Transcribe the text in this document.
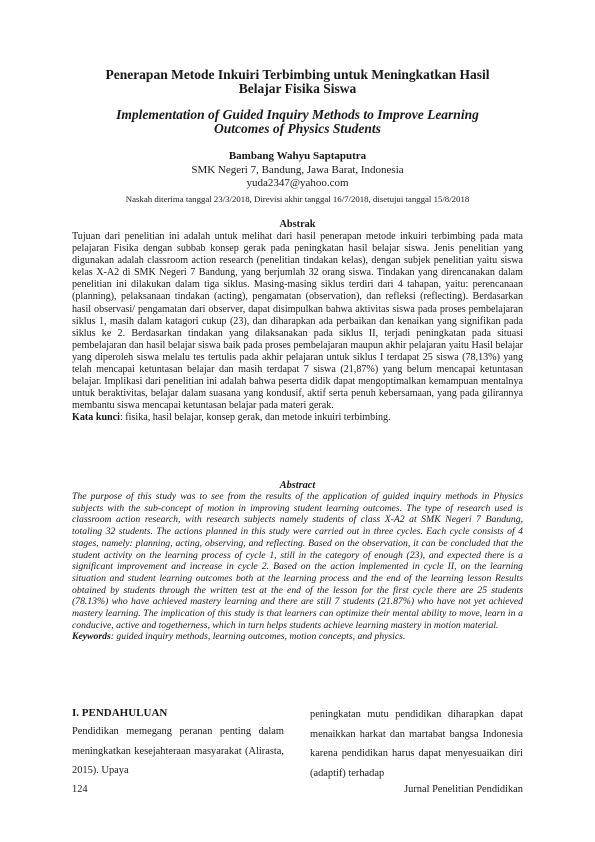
Penerapan Metode Inkuiri Terbimbing untuk Meningkatkan Hasil Belajar Fisika Siswa
Implementation of Guided Inquiry Methods to Improve Learning Outcomes of Physics Students
Bambang Wahyu Saptaputra
SMK Negeri 7, Bandung, Jawa Barat, Indonesia
yuda2347@yahoo.com
Naskah diterima tanggal 23/3/2018, Direvisi akhir tanggal 16/7/2018, disetujui tanggal 15/8/2018
Abstrak
Tujuan dari penelitian ini adalah untuk melihat dari hasil penerapan metode inkuiri terbimbing pada mata pelajaran Fisika dengan subbab konsep gerak pada peningkatan hasil belajar siswa. Jenis penelitian yang digunakan adalah classroom action research (penelitian tindakan kelas), dengan subjek penelitian yaitu siswa kelas X-A2 di SMK Negeri 7 Bandung, yang berjumlah 32 orang siswa. Tindakan yang direncanakan dalam penelitian ini dilakukan dalam tiga siklus. Masing-masing siklus terdiri dari 4 tahapan, yaitu: perencanaan (planning), pelaksanaan tindakan (acting), pengamatan (observation), dan refleksi (reflecting). Berdasarkan hasil observasi/ pengamatan dari observer, dapat disimpulkan bahwa aktivitas siswa pada proses pembelajaran siklus 1, masih dalam katagori cukup (23), dan diharapkan ada perbaikan dan kenaikan yang signifikan pada siklus ke 2. Berdasarkan tindakan yang dilaksanakan pada siklus II, terjadi peningkatan pada situasi pembelajaran dan hasil belajar siswa baik pada proses pembelajaran maupun akhir pelajaran yaitu Hasil belajar yang diperoleh siswa melalu tes tertulis pada akhir pelajaran untuk siklus I terdapat 25 siswa (78,13%) yang telah mencapai ketuntasan belajar dan masih terdapat 7 siswa (21,87%) yang belum mencapai ketuntasan belajar. Implikasi dari penelitian ini adalah bahwa peserta didik dapat mengoptimalkan kemampuan mentalnya untuk beraktivitas, belajar dalam suasana yang kondusif, aktif serta penuh kebersamaan, yang pada gilirannya membantu siswa mencapai ketuntasan belajar pada materi gerak.
Kata kunci: fisika, hasil belajar, konsep gerak, dan metode inkuiri terbimbing.
Abstract
The purpose of this study was to see from the results of the application of guided inquiry methods in Physics subjects with the sub-concept of motion in improving student learning outcomes. The type of research used is classroom action research, with research subjects namely students of class X-A2 at SMK Negeri 7 Bandung, totaling 32 students. The actions planned in this study were carried out in three cycles. Each cycle consists of 4 stages, namely: planning, acting, observing, and reflecting. Based on the observation, it can be concluded that the student activity on the learning process of cycle 1, still in the category of enough (23), and expected there is a significant improvement and increase in cycle 2. Based on the action implemented in cycle II, on the learning situation and student learning outcomes both at the learning process and the end of the learning lesson Results obtained by students through the written test at the end of the lesson for the first cycle there are 25 students (78.13%) who have achieved mastery learning and there are still 7 students (21.87%) who have not yet achieved mastery learning. The implication of this study is that learners can optimize their mental ability to move, learn in a conducive, active and togetherness, which in turn helps students achieve learning mastery in motion material.
Keywords: guided inquiry methods, learning outcomes, motion concepts, and physics.
I. PENDAHULUAN
Pendidikan memegang peranan penting dalam meningkatkan kesejahteraan masyarakat (Alirasta, 2015). Upaya
peningkatan mutu pendidikan diharapkan dapat menaikkan harkat dan martabat bangsa Indonesia karena pendidikan harus dapat menyesuaikan diri (adaptif) terhadap
124	Jurnal Penelitian Pendidikan
